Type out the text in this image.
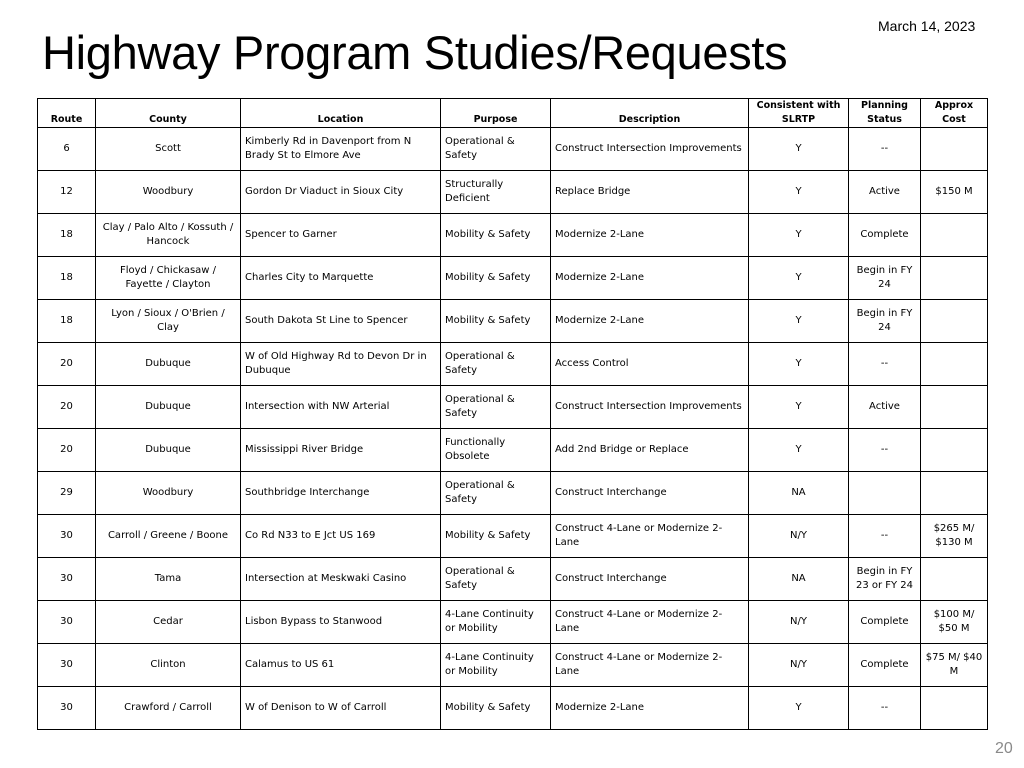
March 14, 2023
Highway Program Studies/Requests
Route	County	Location	Purpose	Description	Consistent with SLRTP	Planning Status	Approx Cost
6	Scott	Kimberly Rd in Davenport from N Brady St to Elmore Ave	Operational & Safety	Construct Intersection Improvements	Y	--	
12	Woodbury	Gordon Dr Viaduct in Sioux City	Structurally Deficient	Replace Bridge	Y	Active	$150 M
18	Clay / Palo Alto / Kossuth / Hancock	Spencer to Garner	Mobility & Safety	Modernize 2-Lane	Y	Complete	
18	Floyd / Chickasaw / Fayette / Clayton	Charles City to Marquette	Mobility & Safety	Modernize 2-Lane	Y	Begin in FY 24	
18	Lyon / Sioux / O'Brien / Clay	South Dakota St Line to Spencer	Mobility & Safety	Modernize 2-Lane	Y	Begin in FY 24	
20	Dubuque	W of Old Highway Rd to Devon Dr in Dubuque	Operational & Safety	Access Control	Y	--	
20	Dubuque	Intersection with NW Arterial	Operational & Safety	Construct Intersection Improvements	Y	Active	
20	Dubuque	Mississippi River Bridge	Functionally Obsolete	Add 2nd Bridge or Replace	Y	--	
29	Woodbury	Southbridge Interchange	Operational & Safety	Construct Interchange	NA		
30	Carroll / Greene / Boone	Co Rd N33 to E Jct US 169	Mobility & Safety	Construct 4-Lane or Modernize 2-Lane	N/Y	--	$265 M/ $130 M
30	Tama	Intersection at Meskwaki Casino	Operational & Safety	Construct Interchange	NA	Begin in FY 23 or FY 24	
30	Cedar	Lisbon Bypass to Stanwood	4-Lane Continuity or Mobility	Construct 4-Lane or Modernize 2-Lane	N/Y	Complete	$100 M/ $50 M
30	Clinton	Calamus to US 61	4-Lane Continuity or Mobility	Construct 4-Lane or Modernize 2-Lane	N/Y	Complete	$75 M/ $40 M
30	Crawford / Carroll	W of Denison to W of Carroll	Mobility & Safety	Modernize 2-Lane	Y	--	
20
